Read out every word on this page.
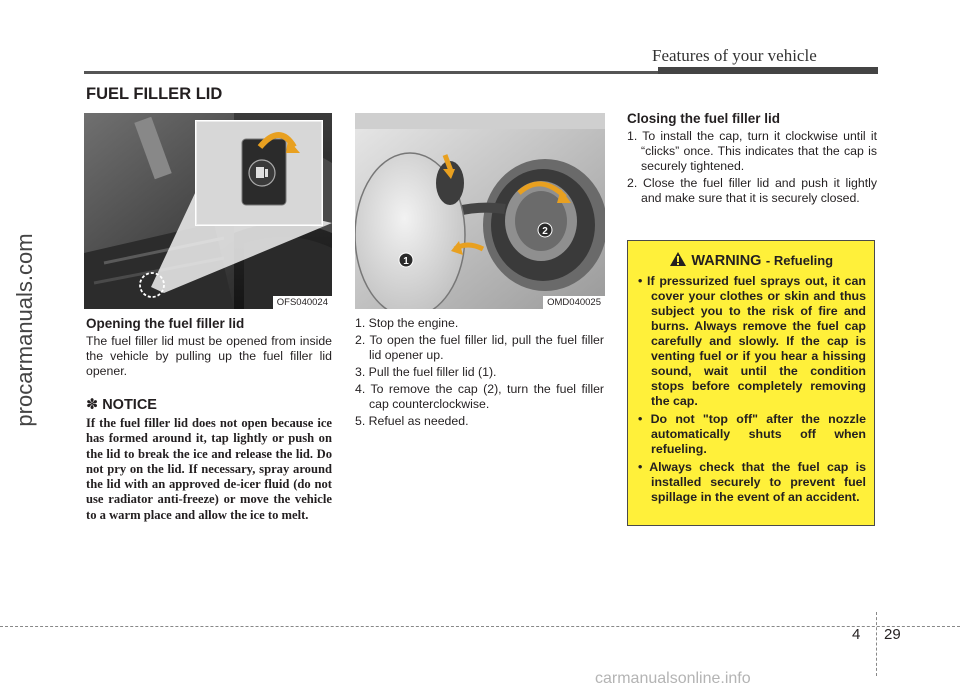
Features of your vehicle
FUEL FILLER LID
procarmanuals.com	OFS040024
1
2
OMD040025
Opening the fuel filler lid
The fuel filler lid must be opened from inside the vehicle by pulling up the fuel filler lid opener.
✽ NOTICE
If the fuel filler lid does not open because ice has formed around it, tap lightly or push on the lid to break the ice and release the lid. Do not pry on the lid. If necessary, spray around the lid with an approved de-icer fluid (do not use radiator anti-freeze) or move the vehicle to a warm place and allow the ice to melt.
1. Stop the engine.
2. To open the fuel filler lid, pull the fuel filler lid opener up.
3. Pull the fuel filler lid (1).
4. To remove the cap (2), turn the fuel filler cap counterclockwise.
5. Refuel as needed.
Closing the fuel filler lid
1. To install the cap, turn it clockwise until it “clicks” once. This indicates that the cap is securely tightened.
2. Close the fuel filler lid and push it lightly and make sure that it is securely closed.
WARNING - Refueling
• If pressurized fuel sprays out, it can cover your clothes or skin and thus subject you to the risk of fire and burns. Always remove the fuel cap carefully and slowly. If the cap is venting fuel or if you hear a hissing sound, wait until the condition stops before completely removing the cap.
• Do not "top off" after the nozzle automatically shuts off when refueling.
• Always check that the fuel cap is installed securely to prevent fuel spillage in the event of an accident.
4 29
carmanualsonline.info
